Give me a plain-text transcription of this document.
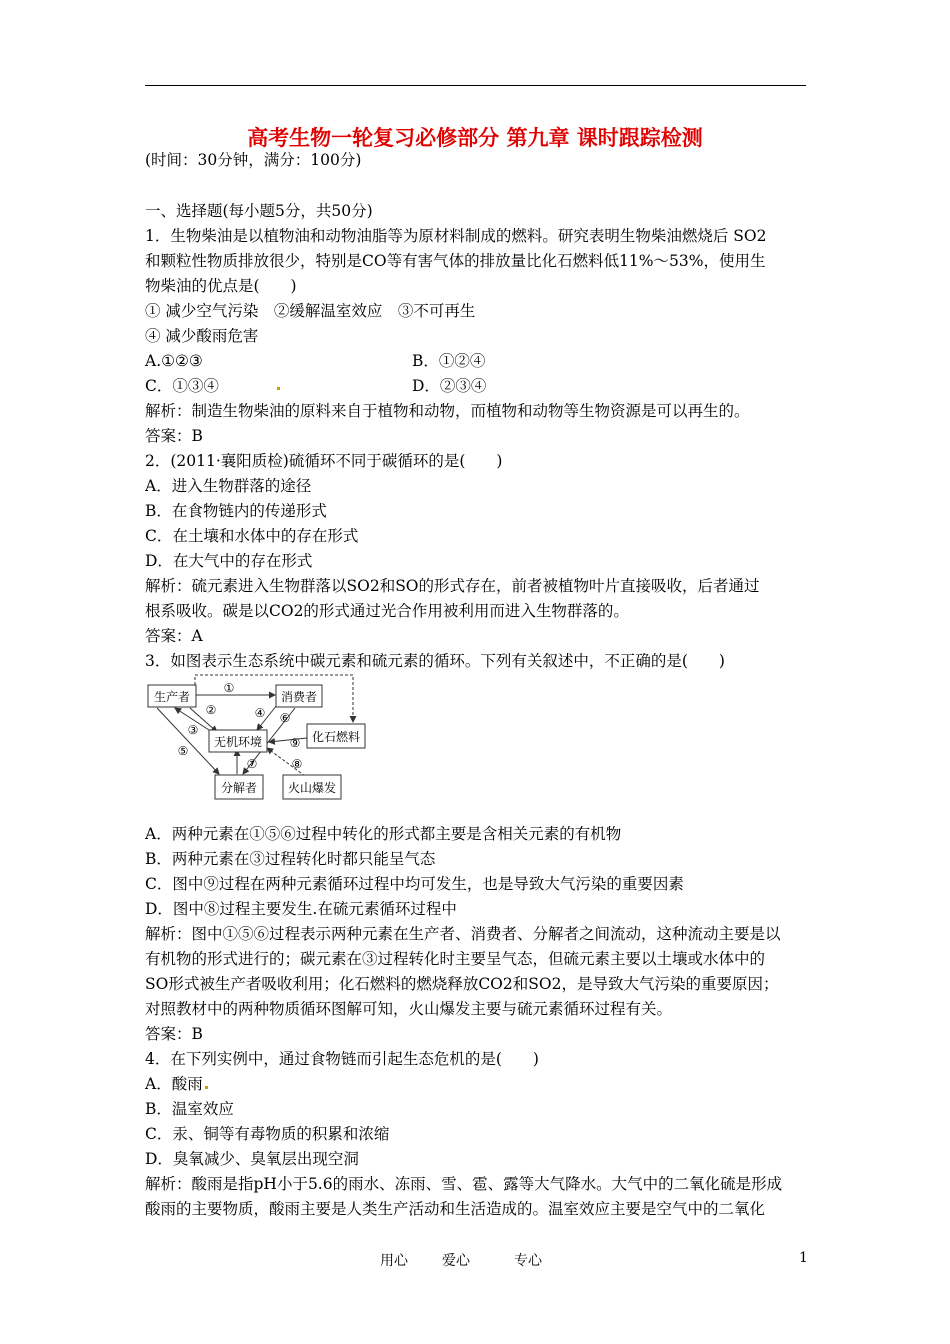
高考生物一轮复习必修部分 第九章 课时跟踪检测
(时间：30分钟，满分：100分)
一、选择题(每小题5分，共50分)
1．生物柴油是以植物油和动物油脂等为原材料制成的燃料。研究表明生物柴油燃烧后 SO2
和颗粒性物质排放很少，特别是CO等有害气体的排放量比化石燃料低11%～53%，使用生
物柴油的优点是(　　)
① 减少空气污染　②缓解温室效应　③不可再生
④ 减少酸雨危害
A.①②③	B．①②④
C．①③④	D．②③④
解析：制造生物柴油的原料来自于植物和动物，而植物和动物等生物资源是可以再生的。
答案：B
2．(2011·襄阳质检)硫循环不同于碳循环的是(　　)
A．进入生物群落的途径
B．在食物链内的传递形式
C．在土壤和水体中的存在形式
D．在大气中的存在形式
解析：硫元素进入生物群落以SO2和SO的形式存在，前者被植物叶片直接吸收，后者通过
根系吸收。碳是以CO2的形式通过光合作用被利用而进入生物群落的。
答案：A
3．如图表示生态系统中碳元素和硫元素的循环。下列有关叙述中，不正确的是(　　)
生产者	消费者
无机环境	化石燃料
分解者	火山爆发
①
②
③
④
⑤
⑥
⑦	⑧
⑨
A．两种元素在①⑤⑥过程中转化的形式都主要是含相关元素的有机物
B．两种元素在③过程转化时都只能呈气态
C．图中⑨过程在两种元素循环过程中均可发生，也是导致大气污染的重要因素
D．图中⑧过程主要发生.在硫元素循环过程中
解析：图中①⑤⑥过程表示两种元素在生产者、消费者、分解者之间流动，这种流动主要是以
有机物的形式进行的；碳元素在③过程转化时主要呈气态，但硫元素主要以土壤或水体中的
SO形式被生产者吸收利用；化石燃料的燃烧释放CO2和SO2，是导致大气污染的重要原因；
对照教材中的两种物质循环图解可知，火山爆发主要与硫元素循环过程有关。
答案：B
4．在下列实例中，通过食物链而引起生态危机的是(　　)
A．酸雨
B．温室效应
C．汞、铜等有毒物质的积累和浓缩
D．臭氧减少、臭氧层出现空洞
解析：酸雨是指pH小于5.6的雨水、冻雨、雪、雹、露等大气降水。大气中的二氧化硫是形成
酸雨的主要物质，酸雨主要是人类生产活动和生活造成的。温室效应主要是空气中的二氧化
用心 爱心	专心	1
